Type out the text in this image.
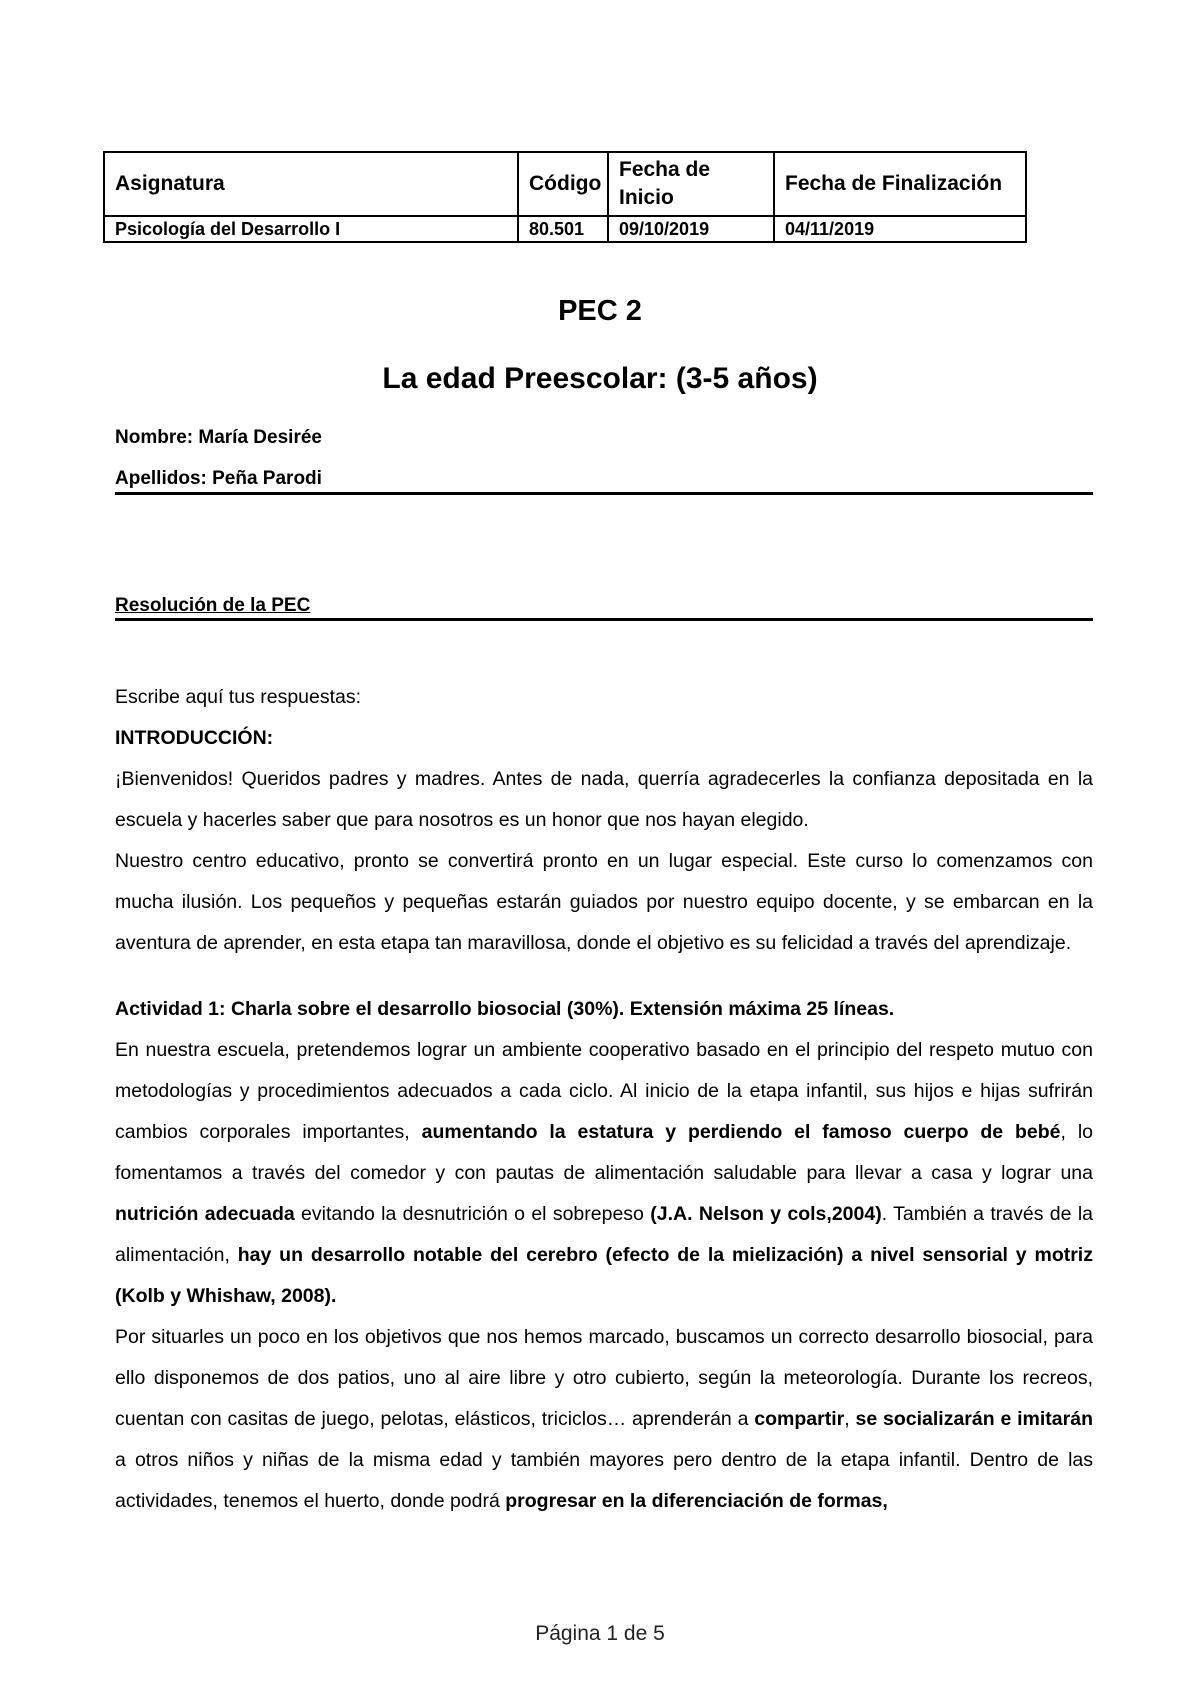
Asignatura	Código	Fecha de Inicio	Fecha de Finalización
Psicología del Desarrollo I	80.501	09/10/2019	04/11/2019
PEC 2
La edad Preescolar: (3-5 años)
Nombre: María Desirée
Apellidos: Peña Parodi
Resolución de la PEC

Escribe aquí tus respuestas:

INTRODUCCIÓN:

¡Bienvenidos! Queridos padres y madres. Antes de nada, querría agradecerles la confianza depositada en la escuela y hacerles saber que para nosotros es un honor que nos hayan elegido.

Nuestro centro educativo, pronto se convertirá pronto en un lugar especial. Este curso lo comenzamos con mucha ilusión. Los pequeños y pequeñas estarán guiados por nuestro equipo docente, y se embarcan en la aventura de aprender, en esta etapa tan maravillosa, donde el objetivo es su felicidad a través del aprendizaje.

Actividad 1: Charla sobre el desarrollo biosocial (30%). Extensión máxima 25 líneas.

En nuestra escuela, pretendemos lograr un ambiente cooperativo basado en el principio del respeto mutuo con metodologías y procedimientos adecuados a cada ciclo. Al inicio de la etapa infantil, sus hijos e hijas sufrirán cambios corporales importantes, aumentando la estatura y perdiendo el famoso cuerpo de bebé, lo fomentamos a través del comedor y con pautas de alimentación saludable para llevar a casa y lograr una nutrición adecuada evitando la desnutrición o el sobrepeso (J.A. Nelson y cols,2004). También a través de la alimentación, hay un desarrollo notable del cerebro (efecto de la mielización) a nivel sensorial y motriz (Kolb y Whishaw, 2008).

Por situarles un poco en los objetivos que nos hemos marcado, buscamos un correcto desarrollo biosocial, para ello disponemos de dos patios, uno al aire libre y otro cubierto, según la meteorología. Durante los recreos, cuentan con casitas de juego, pelotas, elásticos, triciclos… aprenderán a compartir, se socializarán e imitarán a otros niños y niñas de la misma edad y también mayores pero dentro de la etapa infantil. Dentro de las actividades, tenemos el huerto, donde podrá progresar en la diferenciación de formas,

Página 1 de 5
